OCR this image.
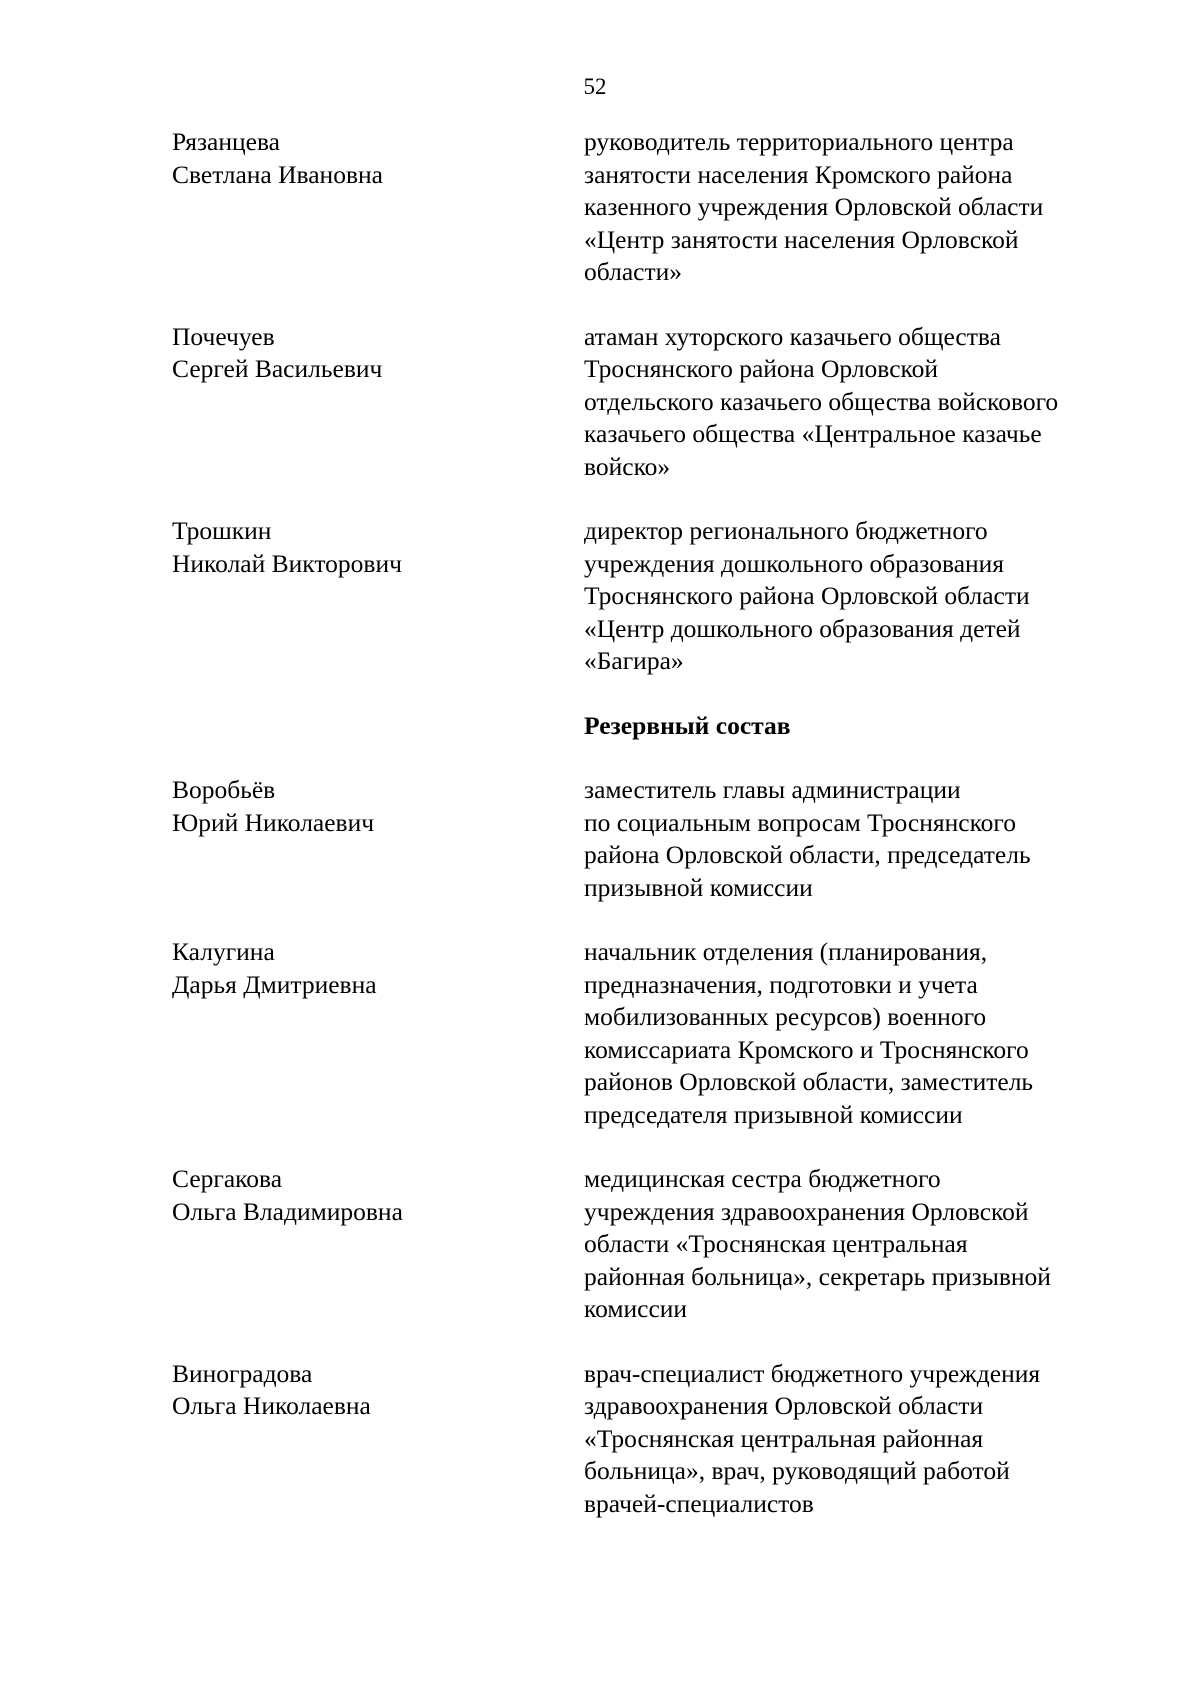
52
Рязанцева
Светлана Ивановна
руководитель территориального центра
занятости населения Кромского района
казенного учреждения Орловской области
«Центр занятости населения Орловской
области»
Почечуев
Сергей Васильевич
атаман хуторского казачьего общества
Троснянского района Орловской
отдельского казачьего общества войскового
казачьего общества «Центральное казачье
войско»
Трошкин
Николай Викторович
директор регионального бюджетного
учреждения дошкольного образования
Троснянского района Орловской области
«Центр дошкольного образования детей
«Багира»
Резервный состав
Воробьёв
Юрий Николаевич
заместитель главы администрации
по социальным вопросам Троснянского
района Орловской области, председатель
призывной комиссии
Калугина
Дарья Дмитриевна
начальник отделения (планирования,
предназначения, подготовки и учета
мобилизованных ресурсов) военного
комиссариата Кромского и Троснянского
районов Орловской области, заместитель
председателя призывной комиссии
Сергакова
Ольга Владимировна
медицинская сестра бюджетного
учреждения здравоохранения Орловской
области «Троснянская центральная
районная больница», секретарь призывной
комиссии
Виноградова
Ольга Николаевна
врач-специалист бюджетного учреждения
здравоохранения Орловской области
«Троснянская центральная районная
больница», врач, руководящий работой
врачей-специалистов
